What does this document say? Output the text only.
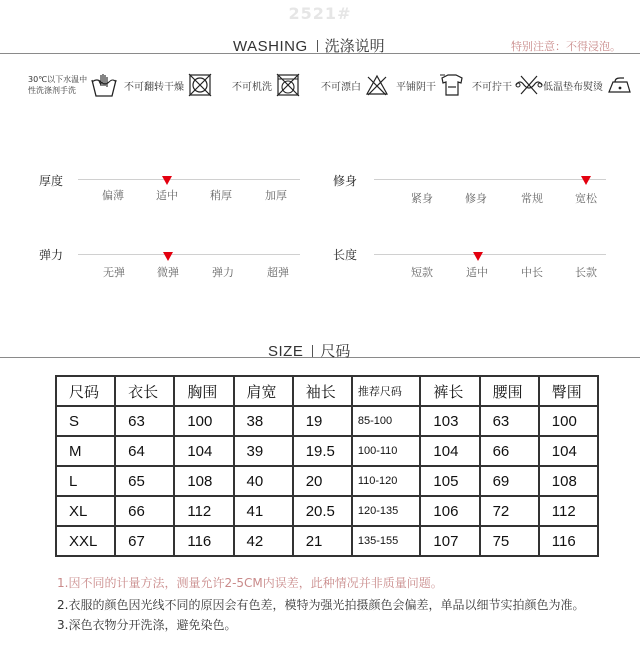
2521#
WASHING 洗涤说明	特别注意：不得浸泡。
30℃以下水温中
性洗涤剂手洗	不可翻转干燥	不可机洗	不可漂白	平铺阴干	不可拧干	低温垫布熨烫
厚度
偏薄	适中	稍厚	加厚
修身
紧身	修身	常规	宽松
弹力
无弹	微弹	弹力	超弹
长度
短款	适中	中长	长款
SIZE 尺码
尺码	衣长	胸围	肩宽	袖长	推荐尺码	裤长	腰围	臀围
S	63	100	38	19	85-100	103	63	100
M	64	104	39	19.5	100-110	104	66	104
L	65	108	40	20	110-120	105	69	108
XL	66	112	41	20.5	120-135	106	72	112
XXL	67	116	42	21	135-155	107	75	116
1.因不同的计量方法，测量允许2-5CM内误差，此种情况并非质量问题。
2.衣服的颜色因光线不同的原因会有色差，模特为强光拍摄颜色会偏差，单品以细节实拍颜色为准。
3.深色衣物分开洗涤，避免染色。
